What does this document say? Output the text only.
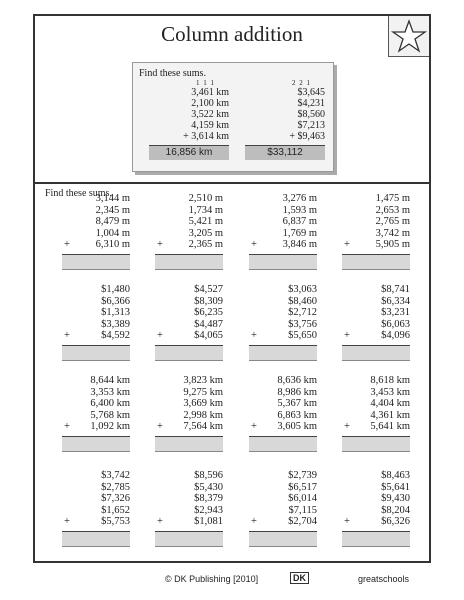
Column addition
Find these sums.
1 1 1
3,461 km
2,100 km
3,522 km
4,159 km
+ 3,614 km
16,856 km
2 2 1
$3,645
$4,231
$8,560
$7,213
+ $9,463
$33,112
Find these sums.
3,144 m
2,345 m
8,479 m
1,004 m
+ 6,310 m
2,510 m
1,734 m
5,421 m
3,205 m
+ 2,365 m
3,276 m
1,593 m
6,837 m
1,769 m
+ 3,846 m
1,475 m
2,653 m
2,765 m
3,742 m
+ 5,905 m
$1,480
$6,366
$1,313
$3,389
+	$4,592
$4,527
$8,309
$6,235
$4,487
+	$4,065
$3,063
$8,460
$2,712
$3,756
+	$5,650
$8,741
$6,334
$3,231
$6,063
+	$4,096
8,644 km
3,353 km
6,400 km
5,768 km
+ 1,092 km
3,823 km
9,275 km
3,669 km
2,998 km
+ 7,564 km
8,636 km
8,986 km
5,367 km
6,863 km
+ 3,605 km
8,618 km
3,453 km
4,404 km
4,361 km
+ 5,641 km
$3,742
$2,785
$7,326
$1,652
+	$5,753
$8,596
$5,430
$8,379
$2,943
+	$1,081
$2,739
$6,517
$6,014
$7,115
+	$2,704
$8,463
$5,641
$9,430
$8,204
+	$6,326
© DK Publishing [2010]	DK	greatschools
